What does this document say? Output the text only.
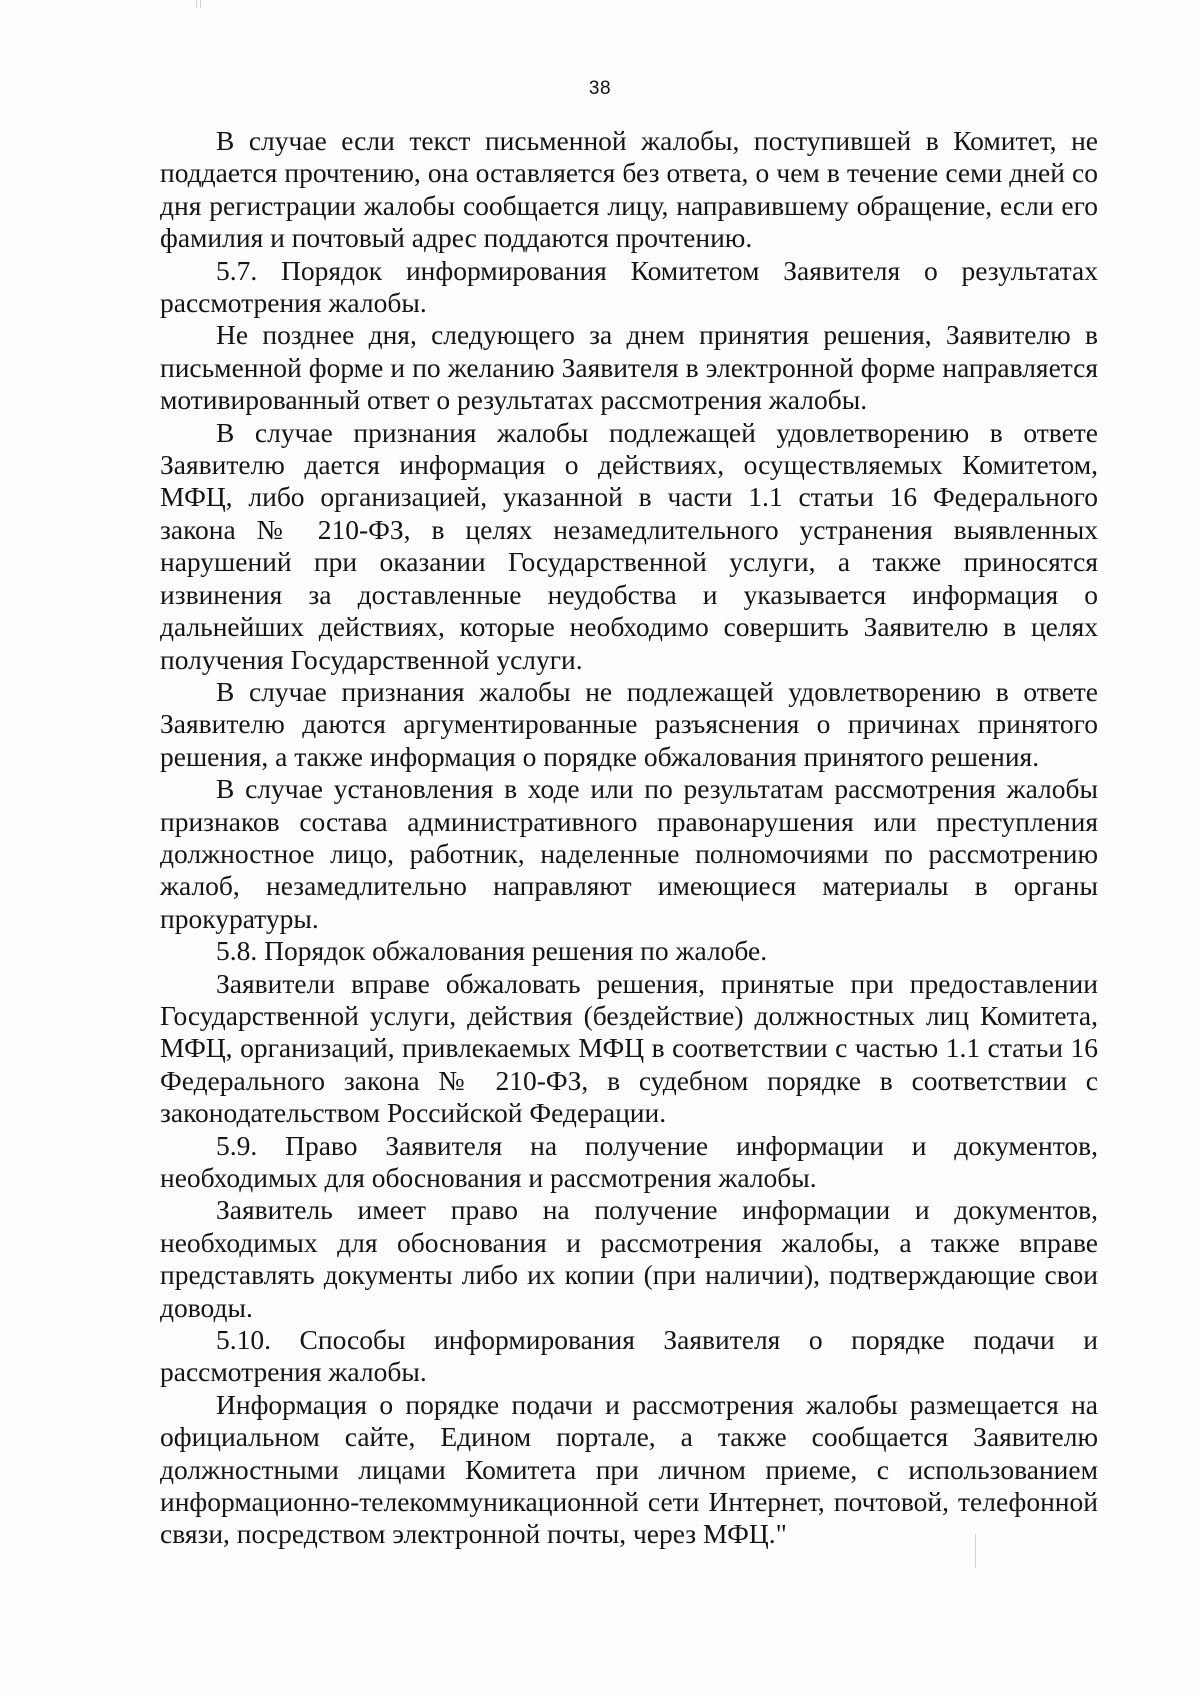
38

В случае если текст письменной жалобы, поступившей в Комитет, не поддается прочтению, она оставляется без ответа, о чем в течение семи дней со дня регистрации жалобы сообщается лицу, направившему обращение, если его фамилия и почтовый адрес поддаются прочтению.

5.7. Порядок информирования Комитетом Заявителя о результатах рассмотрения жалобы.

Не позднее дня, следующего за днем принятия решения, Заявителю в письменной форме и по желанию Заявителя в электронной форме направляется мотивированный ответ о результатах рассмотрения жалобы.

В случае признания жалобы подлежащей удовлетворению в ответе Заявителю дается информация о действиях, осуществляемых Комитетом, МФЦ, либо организацией, указанной в части 1.1 статьи 16 Федерального закона № 210-ФЗ, в целях незамедлительного устранения выявленных нарушений при оказании Государственной услуги, а также приносятся извинения за доставленные неудобства и указывается информация о дальнейших действиях, которые необходимо совершить Заявителю в целях получения Государственной услуги.

В случае признания жалобы не подлежащей удовлетворению в ответе Заявителю даются аргументированные разъяснения о причинах принятого решения, а также информация о порядке обжалования принятого решения.

В случае установления в ходе или по результатам рассмотрения жалобы признаков состава административного правонарушения или преступления должностное лицо, работник, наделенные полномочиями по рассмотрению жалоб, незамедлительно направляют имеющиеся материалы в органы прокуратуры.

5.8. Порядок обжалования решения по жалобе.

Заявители вправе обжаловать решения, принятые при предоставлении Государственной услуги, действия (бездействие) должностных лиц Комитета, МФЦ, организаций, привлекаемых МФЦ в соответствии с частью 1.1 статьи 16 Федерального закона № 210-ФЗ, в судебном порядке в соответствии с законодательством Российской Федерации.

5.9. Право Заявителя на получение информации и документов, необходимых для обоснования и рассмотрения жалобы.

Заявитель имеет право на получение информации и документов, необходимых для обоснования и рассмотрения жалобы, а также вправе представлять документы либо их копии (при наличии), подтверждающие свои доводы.

5.10. Способы информирования Заявителя о порядке подачи и рассмотрения жалобы.

Информация о порядке подачи и рассмотрения жалобы размещается на официальном сайте, Едином портале, а также сообщается Заявителю должностными лицами Комитета при личном приеме, с использованием информационно-телекоммуникационной сети Интернет, почтовой, телефонной связи, посредством электронной почты, через МФЦ."
